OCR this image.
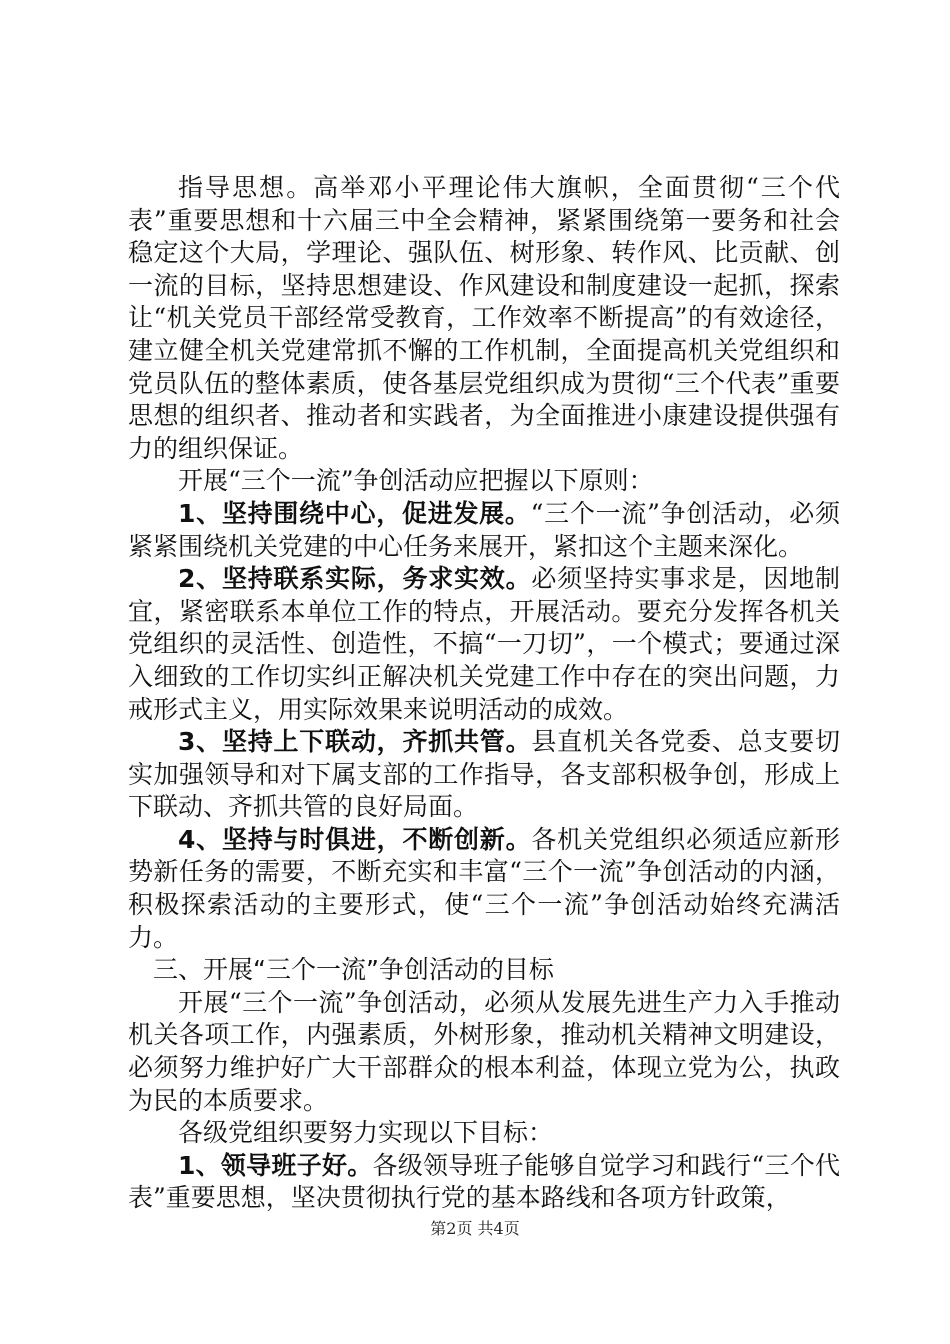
指导思想。高举邓小平理论伟大旗帜，全面贯彻“三个代表”重要思想和十六届三中全会精神，紧紧围绕第一要务和社会稳定这个大局，学理论、强队伍、树形象、转作风、比贡献、创一流的目标，坚持思想建设、作风建设和制度建设一起抓，探索让“机关党员干部经常受教育，工作效率不断提高”的有效途径，建立健全机关党建常抓不懈的工作机制，全面提高机关党组织和党员队伍的整体素质，使各基层党组织成为贯彻“三个代表”重要思想的组织者、推动者和实践者，为全面推进小康建设提供强有力的组织保证。

开展“三个一流”争创活动应把握以下原则：

1、坚持围绕中心，促进发展。“三个一流”争创活动，必须紧紧围绕机关党建的中心任务来展开，紧扣这个主题来深化。

2、坚持联系实际，务求实效。必须坚持实事求是，因地制宜，紧密联系本单位工作的特点，开展活动。要充分发挥各机关党组织的灵活性、创造性，不搞“一刀切”，一个模式；要通过深入细致的工作切实纠正解决机关党建工作中存在的突出问题，力戒形式主义，用实际效果来说明活动的成效。

3、坚持上下联动，齐抓共管。县直机关各党委、总支要切实加强领导和对下属支部的工作指导，各支部积极争创，形成上下联动、齐抓共管的良好局面。

4、坚持与时俱进，不断创新。各机关党组织必须适应新形势新任务的需要，不断充实和丰富“三个一流”争创活动的内涵，积极探索活动的主要形式，使“三个一流”争创活动始终充满活力。

三、开展“三个一流”争创活动的目标

开展“三个一流”争创活动，必须从发展先进生产力入手推动机关各项工作，内强素质，外树形象，推动机关精神文明建设，必须努力维护好广大干部群众的根本利益，体现立党为公，执政为民的本质要求。

各级党组织要努力实现以下目标：

1、领导班子好。各级领导班子能够自觉学习和践行“三个代表”重要思想，坚决贯彻执行党的基本路线和各项方针政策，

第2页 共4页
